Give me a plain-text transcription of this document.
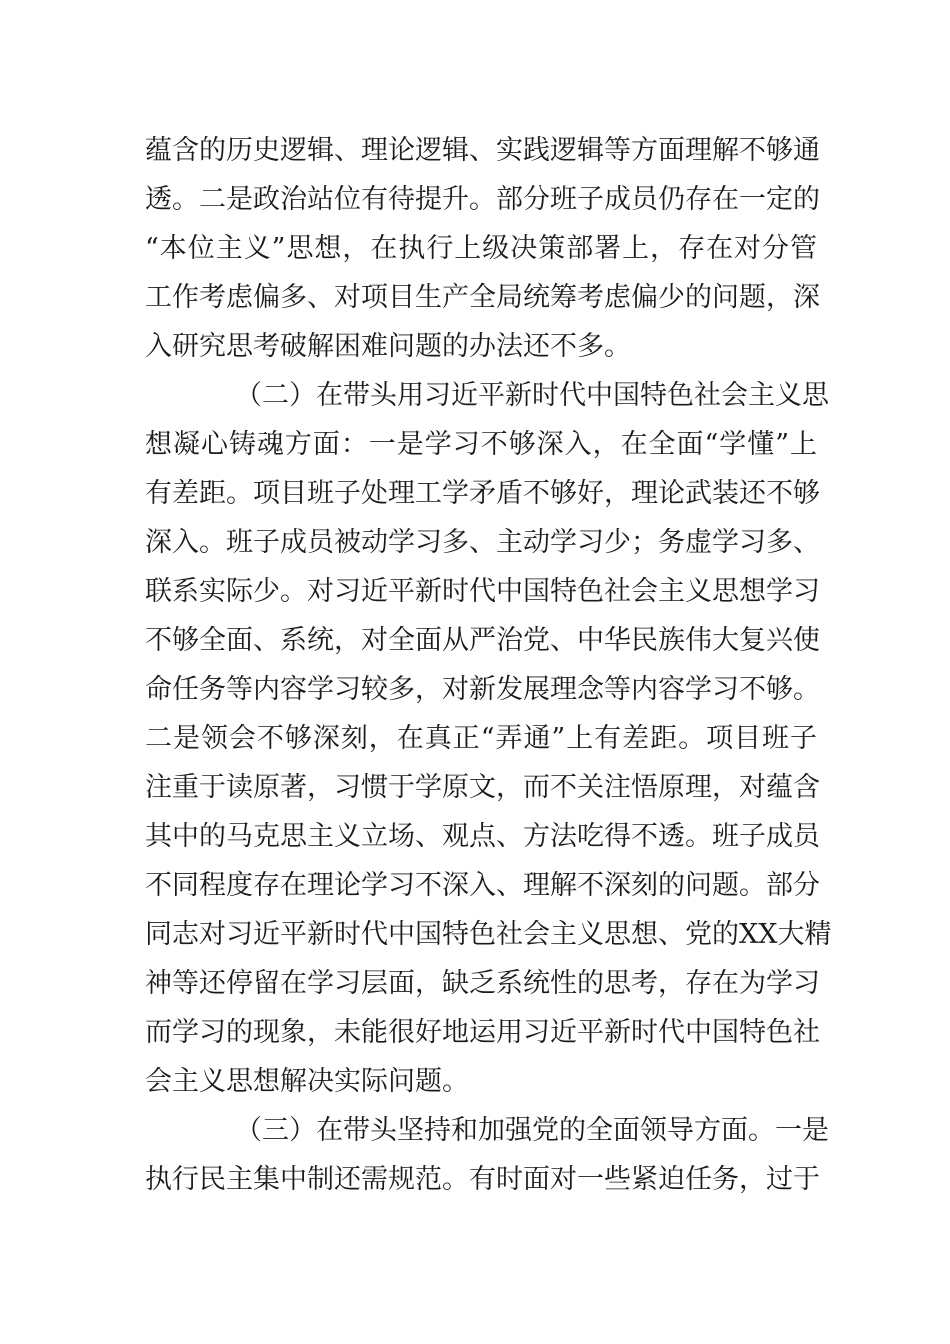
蕴含的历史逻辑、理论逻辑、实践逻辑等方面理解不够通
透。二是政治站位有待提升。部分班子成员仍存在一定的
“本位主义”思想，在执行上级决策部署上，存在对分管
工作考虑偏多、对项目生产全局统筹考虑偏少的问题，深
入研究思考破解困难问题的办法还不多。
（二）在带头用习近平新时代中国特色社会主义思
想凝心铸魂方面：一是学习不够深入，在全面“学懂”上
有差距。项目班子处理工学矛盾不够好，理论武装还不够
深入。班子成员被动学习多、主动学习少；务虚学习多、
联系实际少。对习近平新时代中国特色社会主义思想学习
不够全面、系统，对全面从严治党、中华民族伟大复兴使
命任务等内容学习较多，对新发展理念等内容学习不够。
二是领会不够深刻，在真正“弄通”上有差距。项目班子
注重于读原著，习惯于学原文，而不关注悟原理，对蕴含
其中的马克思主义立场、观点、方法吃得不透。班子成员
不同程度存在理论学习不深入、理解不深刻的问题。部分
同志对习近平新时代中国特色社会主义思想、党的XX大精
神等还停留在学习层面，缺乏系统性的思考，存在为学习
而学习的现象，未能很好地运用习近平新时代中国特色社
会主义思想解决实际问题。
（三）在带头坚持和加强党的全面领导方面。一是
执行民主集中制还需规范。有时面对一些紧迫任务，过于
